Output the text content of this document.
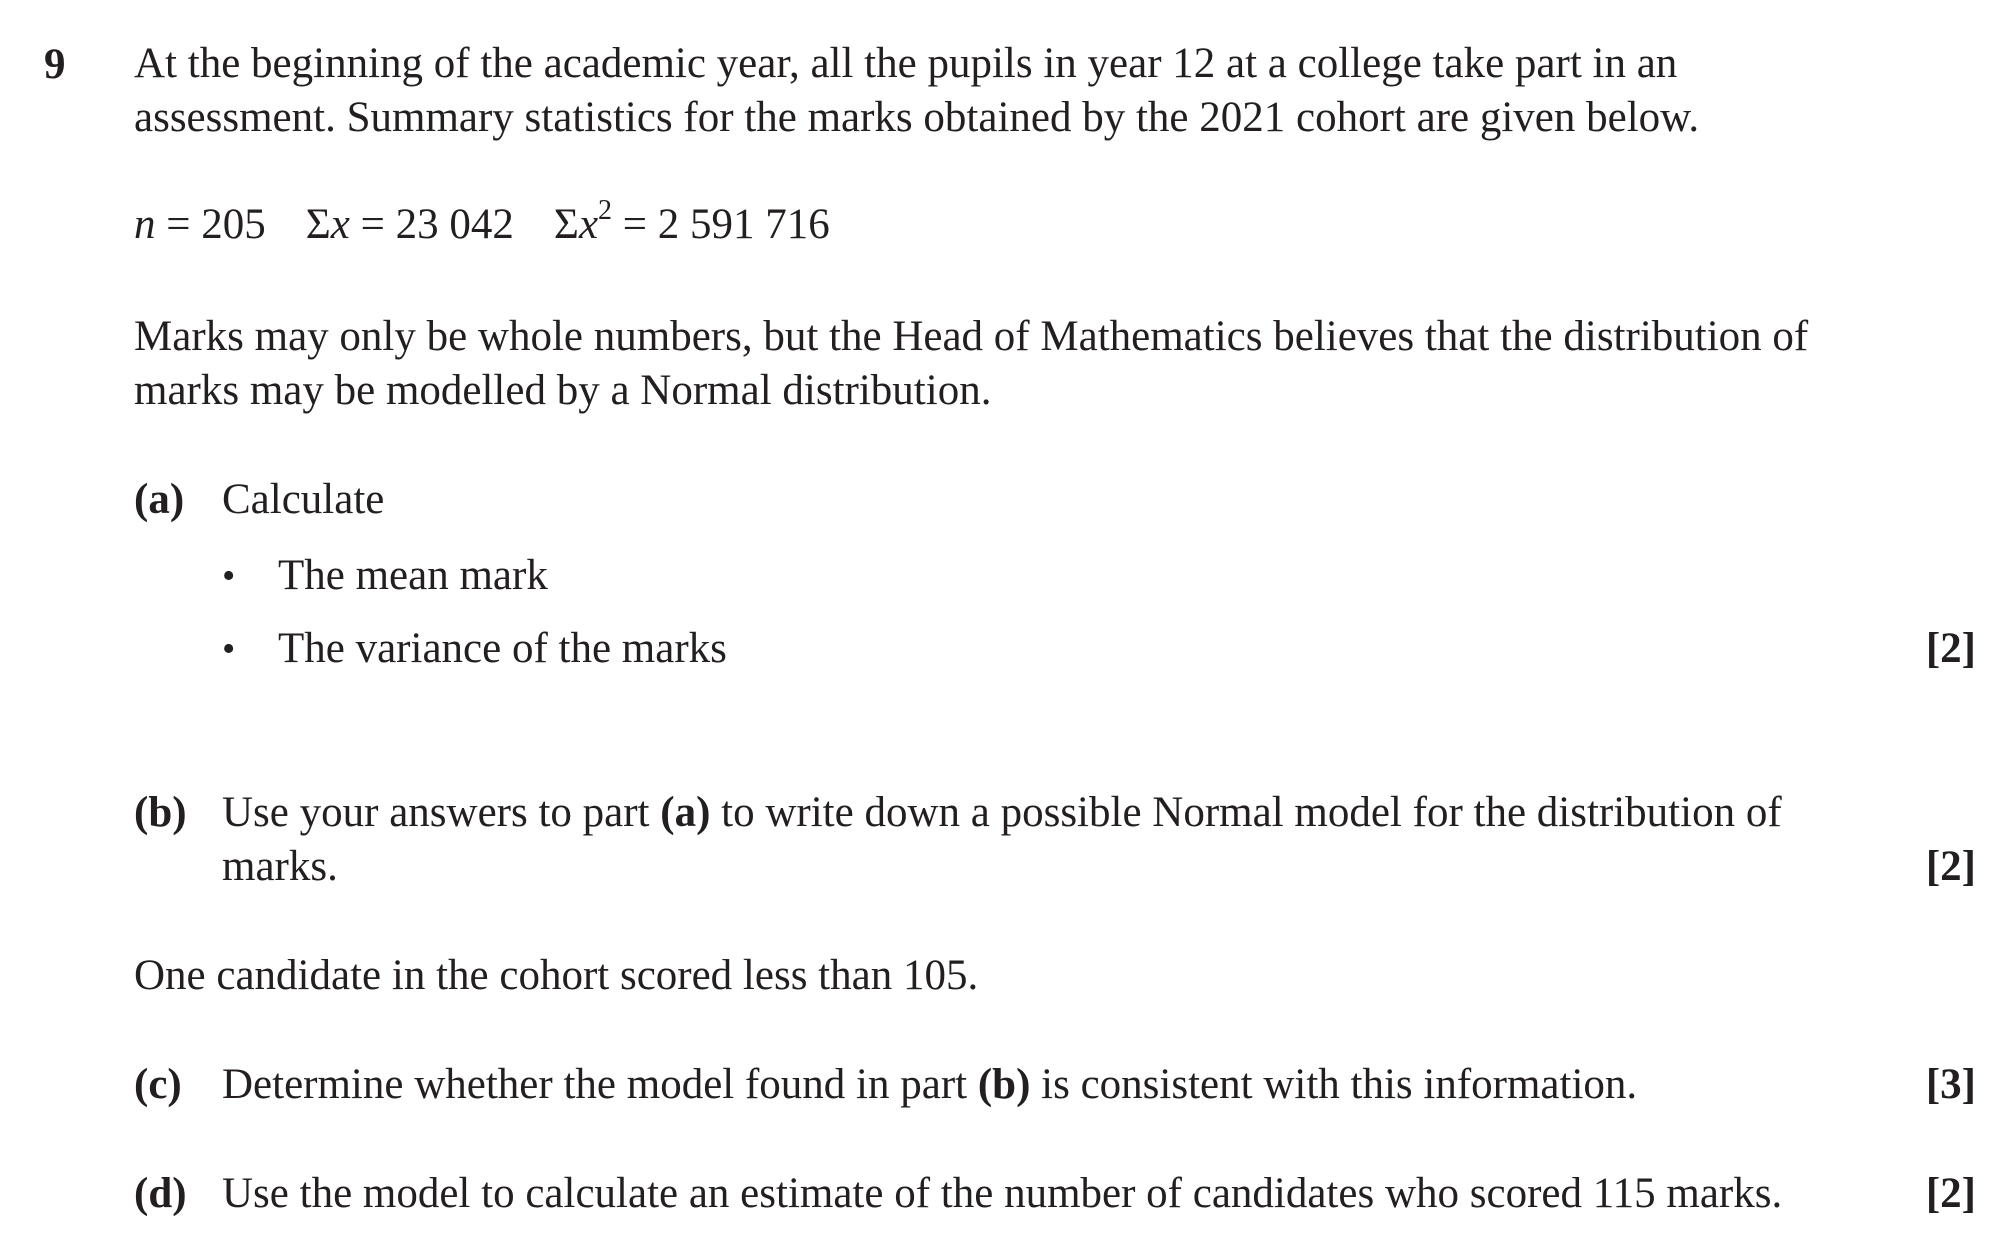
9 At the beginning of the academic year, all the pupils in year 12 at a college take part in an
assessment. Summary statistics for the marks obtained by the 2021 cohort are given below.
n = 205 Σx = 23 042 $\Sigma x^2 = 2$ 591 716
Marks may only be whole numbers, but the Head of Mathematics believes that the distribution of
marks may be modelled by a Normal distribution.
(a) Calculate
• The mean mark
• The variance of the marks	[2]
(b) Use your answers to part (a) to write down a possible Normal model for the distribution of
marks.	[2]
One candidate in the cohort scored less than 105.
(c) Determine whether the model found in part (b) is consistent with this information.	[3]
(d) Use the model to calculate an estimate of the number of candidates who scored 115 marks.	[2]
